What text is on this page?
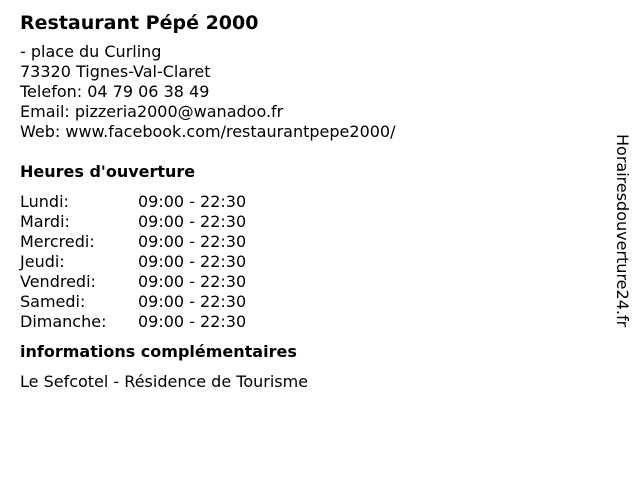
Restaurant Pépé 2000
- place du Curling
73320 Tignes-Val-Claret
Telefon: 04 79 06 38 49
Email: pizzeria2000@wanadoo.fr
Web: www.facebook.com/restaurantpepe2000/
Heures d'ouverture
Lundi:	09:00 - 22:30
Mardi:	09:00 - 22:30
Mercredi:	09:00 - 22:30
Jeudi:	09:00 - 22:30
Vendredi:	09:00 - 22:30
Samedi:	09:00 - 22:30
Dimanche:	09:00 - 22:30
informations complémentaires
Le Sefcotel - Résidence de Tourisme
Horairesdouverture24.fr
